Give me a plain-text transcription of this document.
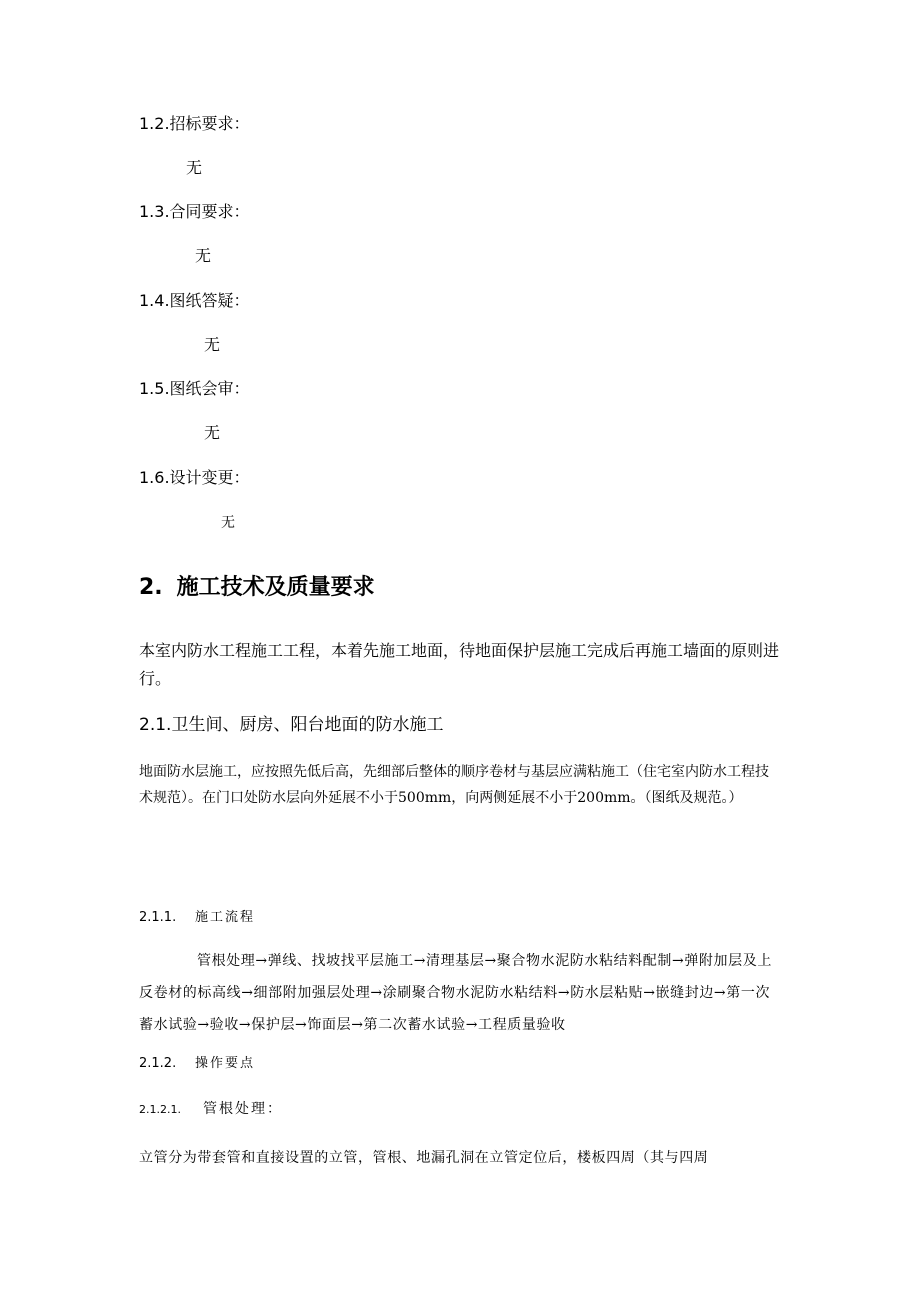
1.2.招标要求：
无
1.3.合同要求：
无
1.4.图纸答疑：
无
1.5.图纸会审：
无
1.6.设计变更：
无
2. 施工技术及质量要求
本室内防水工程施工工程，本着先施工地面，待地面保护层施工完成后再施工墙面的原则进行。
2.1.卫生间、厨房、阳台地面的防水施工
地面防水层施工，应按照先低后高，先细部后整体的顺序卷材与基层应满粘施工（住宅室内防水工程技术规范）。在门口处防水层向外延展不小于500mm，向两侧延展不小于200mm。（图纸及规范。）
2.1.1. 施工流程
管根处理→弹线、找坡找平层施工→清理基层→聚合物水泥防水粘结料配制→弹附加层及上反卷材的标高线→细部附加强层处理→涂刷聚合物水泥防水粘结料→防水层粘贴→嵌缝封边→第一次蓄水试验→验收→保护层→饰面层→第二次蓄水试验→工程质量验收
2.1.2. 操作要点
2.1.2.1. 管根处理：
立管分为带套管和直接设置的立管，管根、地漏孔洞在立管定位后，楼板四周（其与四周
